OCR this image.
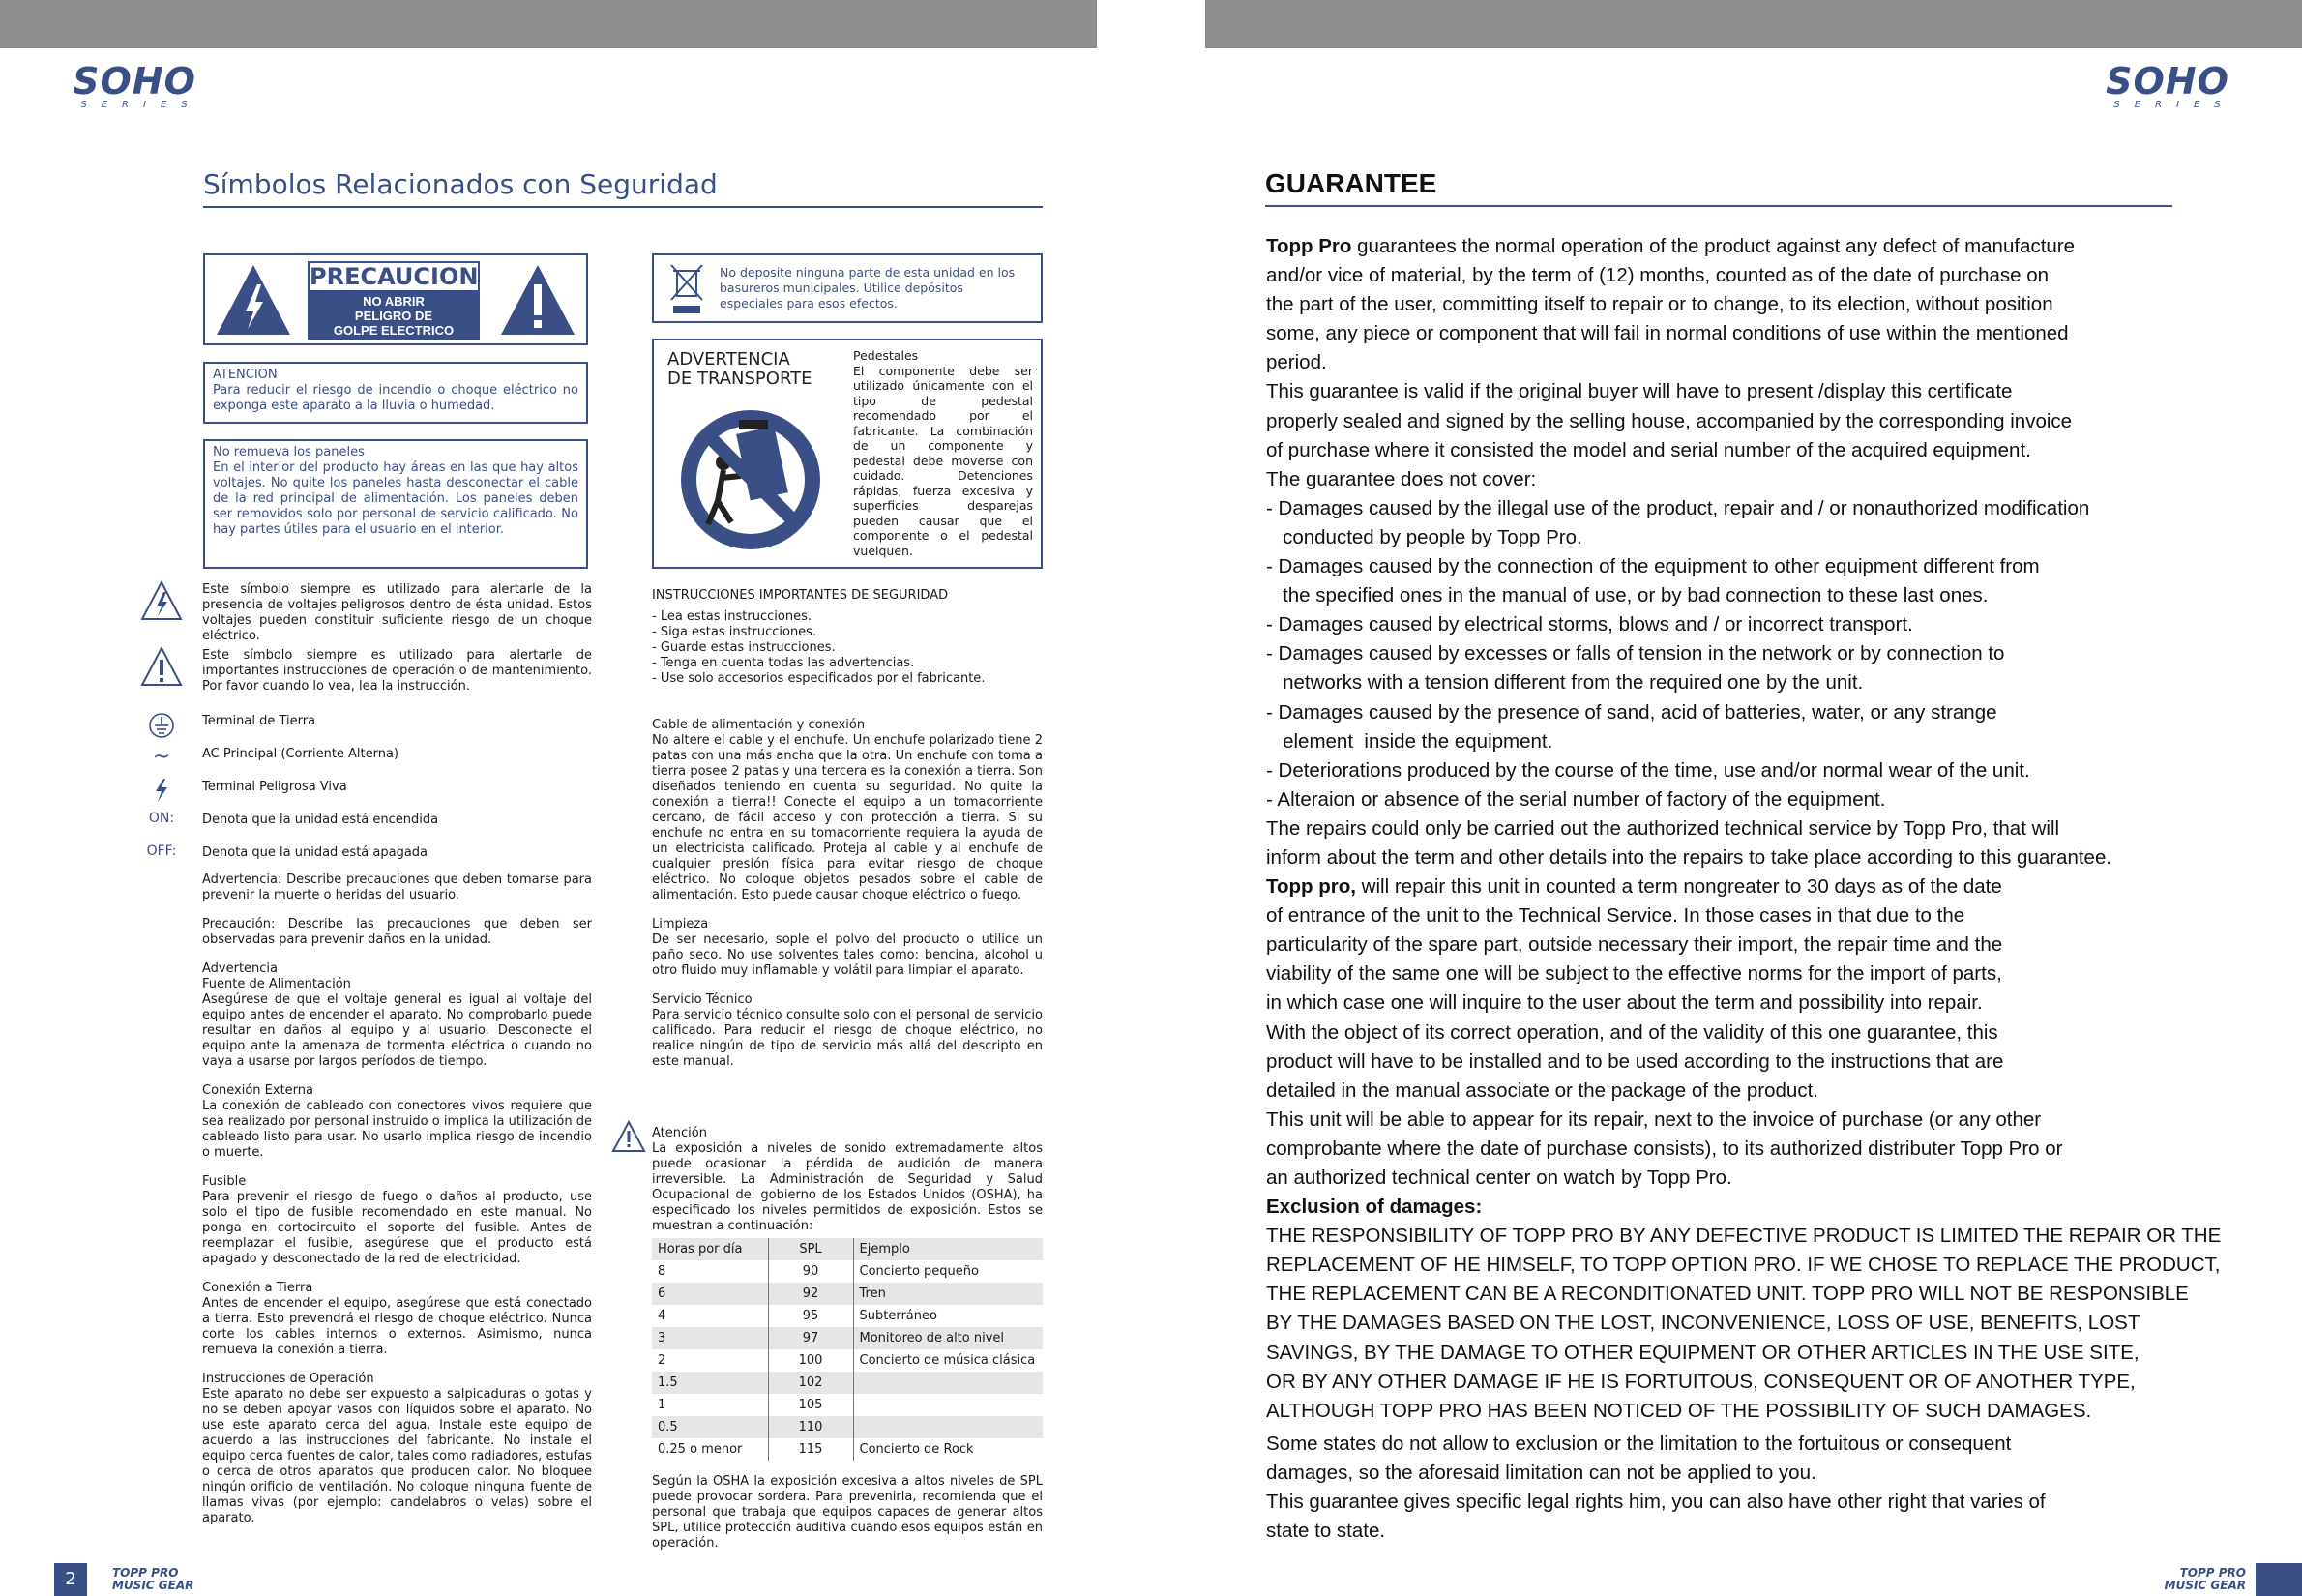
SOHO
SERIES
Símbolos Relacionados con Seguridad
PRECAUCION
NO ABRIR
PELIGRO DE
GOLPE ELECTRICO
ATENCION
Para reducir el riesgo de incendio o choque eléctrico no exponga este aparato a la lluvia o humedad.
No remueva los paneles
En el interior del producto hay áreas en las que hay altos voltajes. No quite los paneles hasta desconectar el cable de la red principal de alimentación. Los paneles deben ser removidos solo por personal de servicio calificado. No hay partes útiles para el usuario en el interior.
Este símbolo siempre es utilizado para alertarle de la presencia de voltajes peligrosos dentro de ésta unidad. Estos voltajes pueden constituir suficiente riesgo de un choque eléctrico.
Este símbolo siempre es utilizado para alertarle de importantes instrucciones de operación o de mantenimiento. Por favor cuando lo vea, lea la instrucción.
Terminal de Tierra
~	AC Principal (Corriente Alterna)
Terminal Peligrosa Viva
ON:	Denota que la unidad está encendida
OFF:	Denota que la unidad está apagada

Advertencia: Describe precauciones que deben tomarse para prevenir la muerte o heridas del usuario.

Precaución: Describe las precauciones que deben ser observadas para prevenir daños en la unidad.

Advertencia

Fuente de Alimentación

Asegúrese de que el voltaje general es igual al voltaje del equipo antes de encender el aparato. No comprobarlo puede resultar en daños al equipo y al usuario. Desconecte el equipo ante la amenaza de tormenta eléctrica o cuando no vaya a usarse por largos períodos de tiempo.

Conexión Externa

La conexión de cableado con conectores vivos requiere que sea realizado por personal instruido o implica la utilización de cableado listo para usar. No usarlo implica riesgo de incendio o muerte.

Fusible

Para prevenir el riesgo de fuego o daños al producto, use solo el tipo de fusible recomendado en este manual. No ponga en cortocircuito el soporte del fusible. Antes de reemplazar el fusible, asegúrese que el producto está apagado y desconectado de la red de electricidad.

Conexión a Tierra

Antes de encender el equipo, asegúrese que está conectado a tierra. Esto prevendrá el riesgo de choque eléctrico. Nunca corte los cables internos o externos. Asimismo, nunca remueva la conexión a tierra.

Instrucciones de Operación

Este aparato no debe ser expuesto a salpicaduras o gotas y no se deben apoyar vasos con líquidos sobre el aparato. No use este aparato cerca del agua. Instale este equipo de acuerdo a las instrucciones del fabricante. No instale el equipo cerca fuentes de calor, tales como radiadores, estufas o cerca de otros aparatos que producen calor. No bloquee ningún orificio de ventilación. No coloque ninguna fuente de llamas vivas (por ejemplo: candelabros o velas) sobre el aparato.

No deposite ninguna parte de esta unidad en los basureros municipales. Utilice depósitos especiales para esos efectos.
ADVERTENCIA
DE TRANSPORTE
Pedestales
El componente debe ser utilizado únicamente con el tipo de pedestal recomendado por el fabricante. La combinación de un componente y pedestal debe moverse con cuidado. Detenciones rápidas, fuerza excesiva y superficies desparejas pueden causar que el componente o el pedestal vuelquen.
INSTRUCCIONES IMPORTANTES DE SEGURIDAD
- Lea estas instrucciones.
- Siga estas instrucciones.
- Guarde estas instrucciones.
- Tenga en cuenta todas las advertencias.
- Use solo accesorios especificados por el fabricante.

Cable de alimentación y conexión

No altere el cable y el enchufe. Un enchufe polarizado tiene 2 patas con una más ancha que la otra. Un enchufe con toma a tierra posee 2 patas y una tercera es la conexión a tierra. Son diseñados teniendo en cuenta su seguridad. No quite la conexión a tierra!! Conecte el equipo a un tomacorriente cercano, de fácil acceso y con protección a tierra. Si su enchufe no entra en su tomacorriente requiera la ayuda de un electricista calificado. Proteja al cable y al enchufe de cualquier presión física para evitar riesgo de choque eléctrico. No coloque objetos pesados sobre el cable de alimentación. Esto puede causar choque eléctrico o fuego.

Limpieza

De ser necesario, sople el polvo del producto o utilice un paño seco. No use solventes tales como: bencina, alcohol u otro fluido muy inflamable y volátil para limpiar el aparato.

Servicio Técnico

Para servicio técnico consulte solo con el personal de servicio calificado. Para reducir el riesgo de choque eléctrico, no realice ningún de tipo de servicio más allá del descripto en este manual.

Atención
La exposición a niveles de sonido extremadamente altos puede ocasionar la pérdida de audición de manera irreversible. La Administración de Seguridad y Salud Ocupacional del gobierno de los Estados Unidos (OSHA), ha especificado los niveles permitidos de exposición. Estos se muestran a continuación:
Horas por día	SPL	Ejemplo
8	90	Concierto pequeño
6	92	Tren
4	95	Subterráneo
3	97	Monitoreo de alto nivel
2	100	Concierto de música clásica
1.5	102	
1	105	
0.5	110	
0.25 o menor	115	Concierto de Rock
Según la OSHA la exposición excesiva a altos niveles de SPL puede provocar sordera. Para prevenirla, recomienda que el personal que trabaja que equipos capaces de generar altos SPL, utilice protección auditiva cuando esos equipos están en operación.
2	TOPP PRO
MUSIC GEAR
SOHO
SERIES
GUARANTEE

Topp Pro guarantees the normal operation of the product against any defect of manufacture

and/or vice of material, by the term of (12) months, counted as of the date of purchase on

the part of the user, committing itself to repair or to change, to its election, without position

some, any piece or component that will fail in normal conditions of use within the mentioned

period.

This guarantee is valid if the original buyer will have to present /display this certificate

properly sealed and signed by the selling house, accompanied by the corresponding invoice

of purchase where it consisted the model and serial number of the acquired equipment.

The guarantee does not cover:

- Damages caused by the illegal use of the product, repair and / or nonauthorized modification

conducted by people by Topp Pro.

- Damages caused by the connection of the equipment to other equipment different from

the specified ones in the manual of use, or by bad connection to these last ones.

- Damages caused by electrical storms, blows and / or incorrect transport.

- Damages caused by excesses or falls of tension in the network or by connection to

networks with a tension different from the required one by the unit.

- Damages caused by the presence of sand, acid of batteries, water, or any strange

element  inside the equipment.

- Deteriorations produced by the course of the time, use and/or normal wear of the unit.

- Alteraion or absence of the serial number of factory of the equipment.

The repairs could only be carried out the authorized technical service by Topp Pro, that will

inform about the term and other details into the repairs to take place according to this guarantee.

Topp pro, will repair this unit in counted a term nongreater to 30 days as of the date

of entrance of the unit to the Technical Service. In those cases in that due to the

particularity of the spare part, outside necessary their import, the repair time and the

viability of the same one will be subject to the effective norms for the import of parts,

in which case one will inquire to the user about the term and possibility into repair.

With the object of its correct operation, and of the validity of this one guarantee, this

product will have to be installed and to be used according to the instructions that are

detailed in the manual associate or the package of the product.

This unit will be able to appear for its repair, next to the invoice of purchase (or any other

comprobante where the date of purchase consists), to its authorized distributer Topp Pro or

an authorized technical center on watch by Topp Pro.

Exclusion of damages:

THE RESPONSIBILITY OF TOPP PRO BY ANY DEFECTIVE PRODUCT IS LIMITED THE REPAIR OR THE

REPLACEMENT OF HE HIMSELF, TO TOPP OPTION PRO. IF WE CHOSE TO REPLACE THE PRODUCT,

THE REPLACEMENT CAN BE A RECONDITIONATED UNIT. TOPP PRO WILL NOT BE RESPONSIBLE

BY THE DAMAGES BASED ON THE LOST, INCONVENIENCE, LOSS OF USE, BENEFITS, LOST

SAVINGS, BY THE DAMAGE TO OTHER EQUIPMENT OR OTHER ARTICLES IN THE USE SITE,

OR BY ANY OTHER DAMAGE IF HE IS FORTUITOUS, CONSEQUENT OR OF ANOTHER TYPE,

ALTHOUGH TOPP PRO HAS BEEN NOTICED OF THE POSSIBILITY OF SUCH DAMAGES.

Some states do not allow to exclusion or the limitation to the fortuitous or consequent

damages, so the aforesaid limitation can not be applied to you.

This guarantee gives specific legal rights him, you can also have other right that varies of

state to state.

TOPP PRO
MUSIC GEAR
